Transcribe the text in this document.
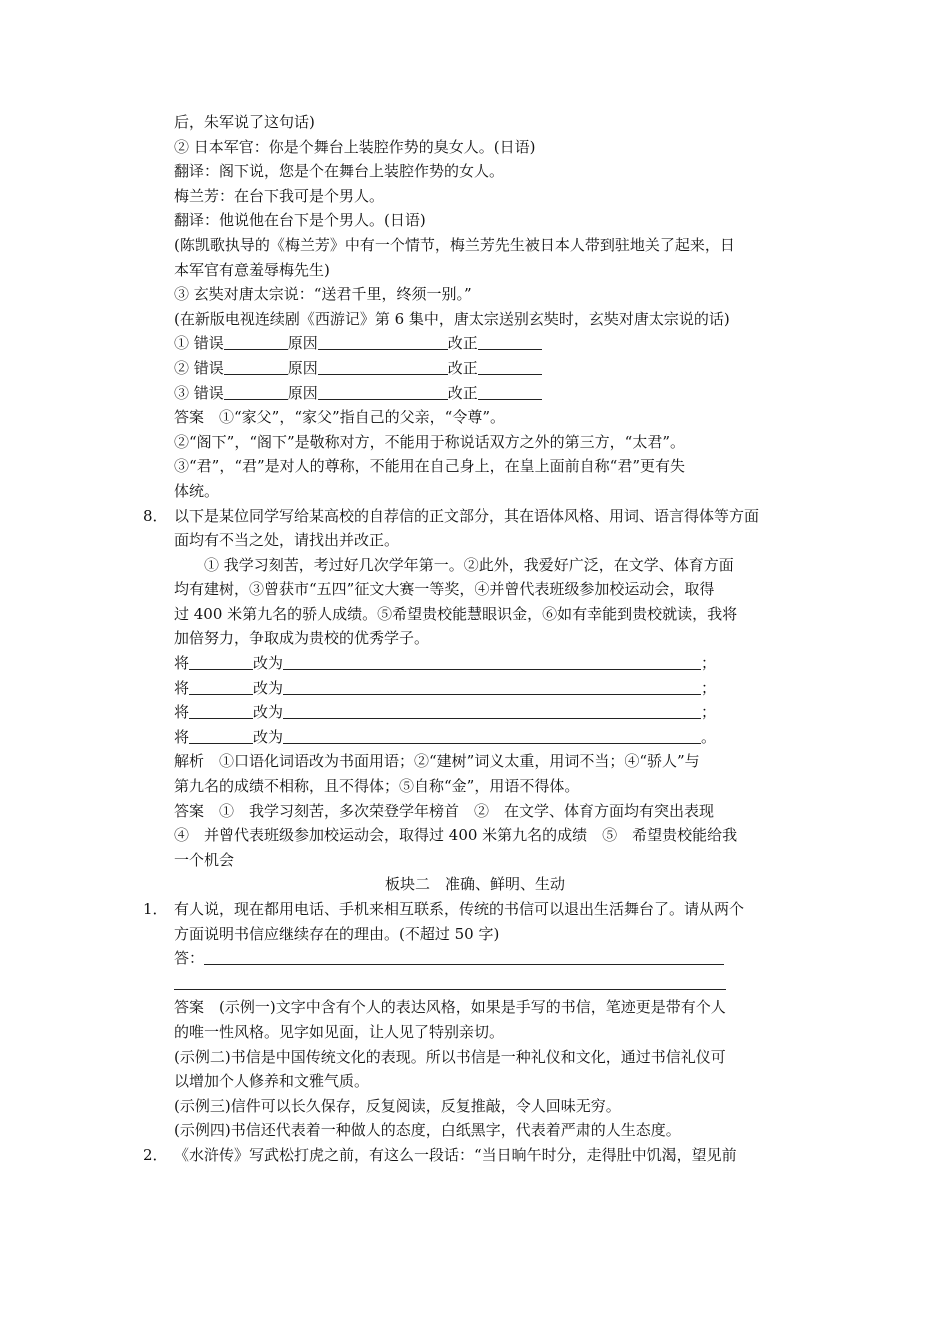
后，朱军说了这句话)
② 日本军官：你是个舞台上装腔作势的臭女人。(日语)
翻译：阁下说，您是个在舞台上装腔作势的女人。
梅兰芳：在台下我可是个男人。
翻译：他说他在台下是个男人。(日语)
(陈凯歌执导的《梅兰芳》中有一个情节，梅兰芳先生被日本人带到驻地关了起来，日
本军官有意羞辱梅先生)
③ 玄奘对唐太宗说：“送君千里，终须一别。”
(在新版电视连续剧《西游记》第 6 集中，唐太宗送别玄奘时，玄奘对唐太宗说的话)
① 错误	原因	改正
② 错误	原因	改正
③ 错误	原因	改正
答案　①“家父”，“家父”指自己的父亲，“令尊”。
②“阁下”，“阁下”是敬称对方，不能用于称说话双方之外的第三方，“太君”。
③“君”，“君”是对人的尊称，不能用在自己身上，在皇上面前自称“君”更有失
体统。
8． 以下是某位同学写给某高校的自荐信的正文部分，其在语体风格、用词、语言得体等方面
面均有不当之处，请找出并改正。
① 我学习刻苦，考过好几次学年第一。②此外，我爱好广泛，在文学、体育方面
均有建树，③曾获市“五四”征文大赛一等奖，④并曾代表班级参加校运动会，取得
过 400 米第九名的骄人成绩。⑤希望贵校能慧眼识金，⑥如有幸能到贵校就读，我将
加倍努力，争取成为贵校的优秀学子。
将	改为	；
将	改为	；
将	改为	；
将	改为	。
解析　①口语化词语改为书面用语；②“建树”词义太重，用词不当；④“骄人”与
第九名的成绩不相称，且不得体；⑤自称“金”，用语不得体。
答案　①　我学习刻苦，多次荣登学年榜首　②　在文学、体育方面均有突出表现
④　并曾代表班级参加校运动会，取得过 400 米第九名的成绩　⑤　希望贵校能给我
一个机会
板块二　准确、鲜明、生动
1． 有人说，现在都用电话、手机来相互联系，传统的书信可以退出生活舞台了。请从两个
方面说明书信应继续存在的理由。(不超过 50 字)
答：
答案　(示例一)文字中含有个人的表达风格，如果是手写的书信，笔迹更是带有个人
的唯一性风格。见字如见面，让人见了特别亲切。
(示例二)书信是中国传统文化的表现。所以书信是一种礼仪和文化，通过书信礼仪可
以增加个人修养和文雅气质。
(示例三)信件可以长久保存，反复阅读，反复推敲，令人回味无穷。
(示例四)书信还代表着一种做人的态度，白纸黑字，代表着严肃的人生态度。
2． 《水浒传》写武松打虎之前，有这么一段话：“当日晌午时分，走得肚中饥渴，望见前
